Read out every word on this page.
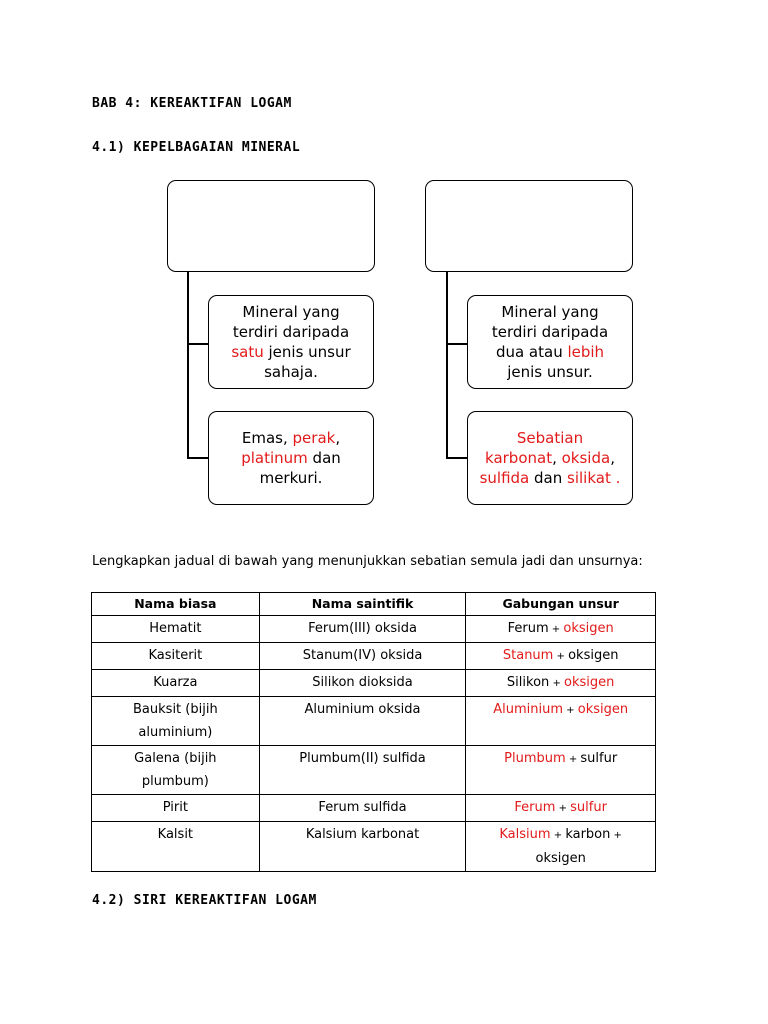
BAB 4: KEREAKTIFAN LOGAM
4.1) KEPELBAGAIAN MINERAL

Mineral yang

terdiri daripada

satu jenis unsur

sahaja.

Emas, perak,

platinum dan

merkuri.

Mineral yang

terdiri daripada

dua atau lebih

jenis unsur.

Sebatian

karbonat, oksida,

sulfida dan silikat .

Lengkapkan jadual di bawah yang menunjukkan sebatian semula jadi dan unsurnya:
Nama biasa	Nama saintifik	Gabungan unsur
Hematit	Ferum(III) oksida	Ferum + oksigen
Kasiterit	Stanum(IV) oksida	Stanum + oksigen
Kuarza	Silikon dioksida	Silikon + oksigen

Bauksit (bijih
aluminium)	Aluminium oksida	Aluminium + oksigen

Galena (bijih
plumbum)	Plumbum(II) sulfida	Plumbum + sulfur
Pirit	Ferum sulfida	Ferum + sulfur
Kalsit	Kalsium karbonat	Kalsium + karbon +
oksigen
4.2) SIRI KEREAKTIFAN LOGAM
